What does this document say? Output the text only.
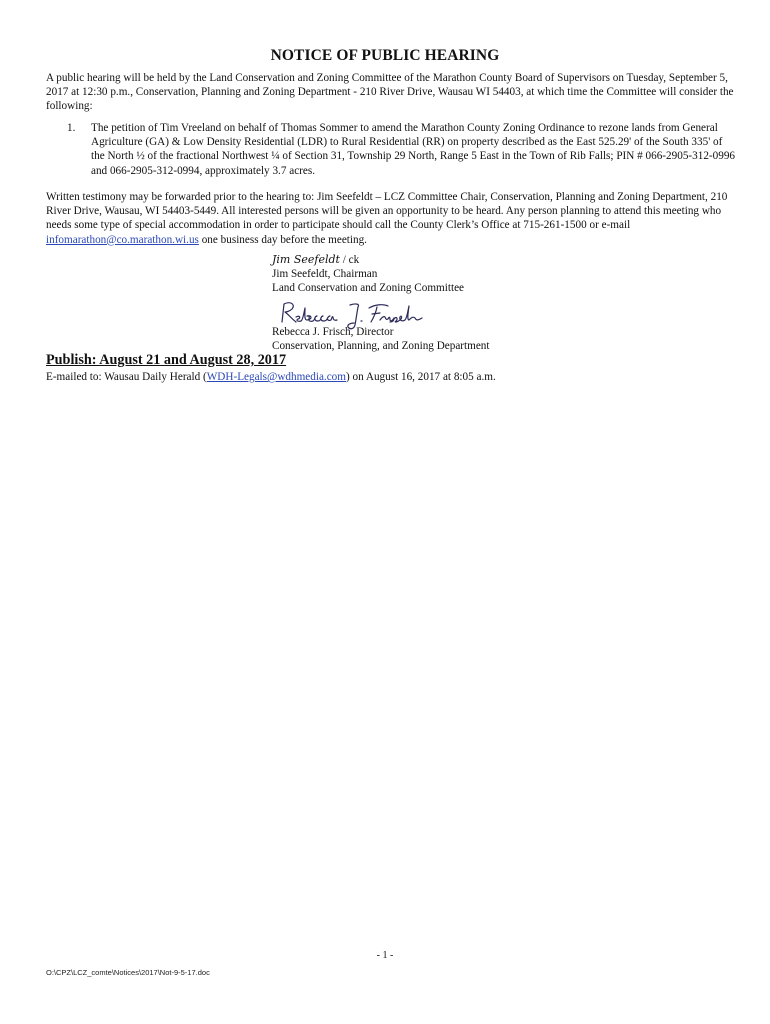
NOTICE OF PUBLIC HEARING
A public hearing will be held by the Land Conservation and Zoning Committee of the Marathon County Board of Supervisors on Tuesday, September 5, 2017 at 12:30 p.m., Conservation, Planning and Zoning Department - 210 River Drive, Wausau WI 54403, at which time the Committee will consider the following:
1. The petition of Tim Vreeland on behalf of Thomas Sommer to amend the Marathon County Zoning Ordinance to rezone lands from General Agriculture (GA) & Low Density Residential (LDR) to Rural Residential (RR) on property described as the East 525.29' of the South 335' of the North ½ of the fractional Northwest ¼ of Section 31, Township 29 North, Range 5 East in the Town of Rib Falls; PIN # 066-2905-312-0996 and 066-2905-312-0994, approximately 3.7 acres.
Written testimony may be forwarded prior to the hearing to: Jim Seefeldt – LCZ Committee Chair, Conservation, Planning and Zoning Department, 210 River Drive, Wausau, WI 54403-5449. All interested persons will be given an opportunity to be heard. Any person planning to attend this meeting who needs some type of special accommodation in order to participate should call the County Clerk’s Office at 715-261-1500 or e-mail infomarathon@co.marathon.wi.us one business day before the meeting.
Jim Seefeldt / ck
Jim Seefeldt, Chairman
Land Conservation and Zoning Committee
Rebecca J. Frisch, Director
Conservation, Planning, and Zoning Department
Publish: August 21 and August 28, 2017
E-mailed to: Wausau Daily Herald (WDH-Legals@wdhmedia.com) on August 16, 2017 at 8:05 a.m.
- 1 -
O:\CPZ\LCZ_comte\Notices\2017\Not-9-5-17.doc
